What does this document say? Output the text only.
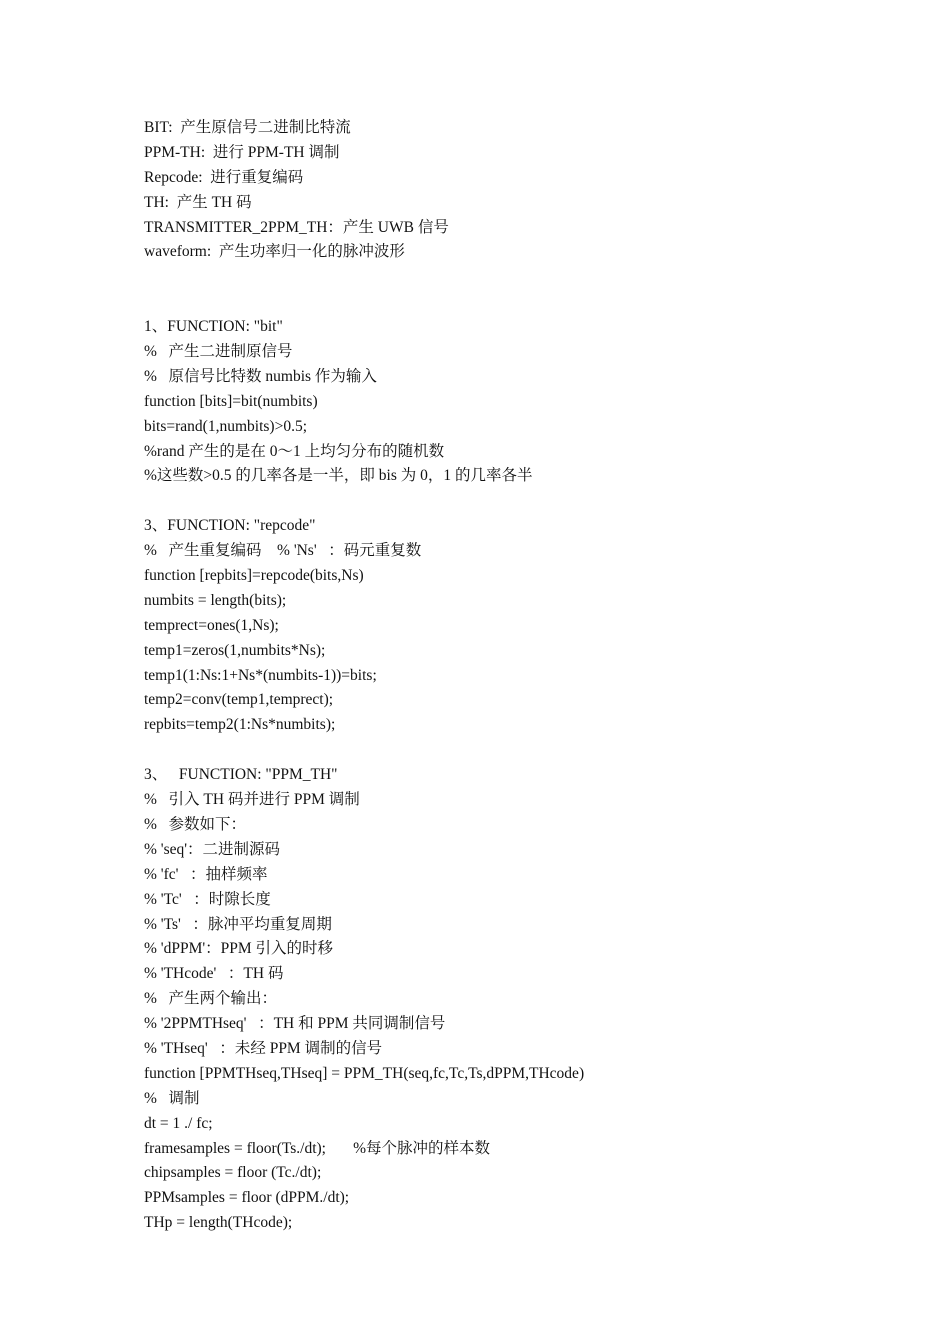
BIT:  产生原信号二进制比特流
PPM-TH:  进行 PPM-TH 调制
Repcode:  进行重复编码
TH:  产生 TH 码
TRANSMITTER_2PPM_TH：产生 UWB 信号
waveform:  产生功率归一化的脉冲波形
1、FUNCTION: "bit"
%   产生二进制原信号
%   原信号比特数 numbis 作为输入
function [bits]=bit(numbits)
bits=rand(1,numbits)>0.5;
%rand 产生的是在 0～1 上均匀分布的随机数
%这些数>0.5 的几率各是一半，即 bis 为 0，1 的几率各半
3、FUNCTION: "repcode"
%   产生重复编码    % 'Ns'   ：码元重复数
function [repbits]=repcode(bits,Ns)
numbits = length(bits);
temprect=ones(1,Ns);
temp1=zeros(1,numbits*Ns);
temp1(1:Ns:1+Ns*(numbits-1))=bits;
temp2=conv(temp1,temprect);
repbits=temp2(1:Ns*numbits);
3、   FUNCTION: "PPM_TH"
%   引入 TH 码并进行 PPM 调制
%   参数如下：
% 'seq'：二进制源码
% 'fc'   ：抽样频率
% 'Tc'   ：时隙长度
% 'Ts'   ：脉冲平均重复周期
% 'dPPM'：PPM 引入的时移
% 'THcode'   ：TH 码
%   产生两个输出：
% '2PPMTHseq'   ：TH 和 PPM 共同调制信号
% 'THseq'   ：未经 PPM 调制的信号
function [PPMTHseq,THseq] = PPM_TH(seq,fc,Tc,Ts,dPPM,THcode)
%   调制
dt = 1 ./ fc;
framesamples = floor(Ts./dt);       %每个脉冲的样本数
chipsamples = floor (Tc./dt);
PPMsamples = floor (dPPM./dt);
THp = length(THcode);
